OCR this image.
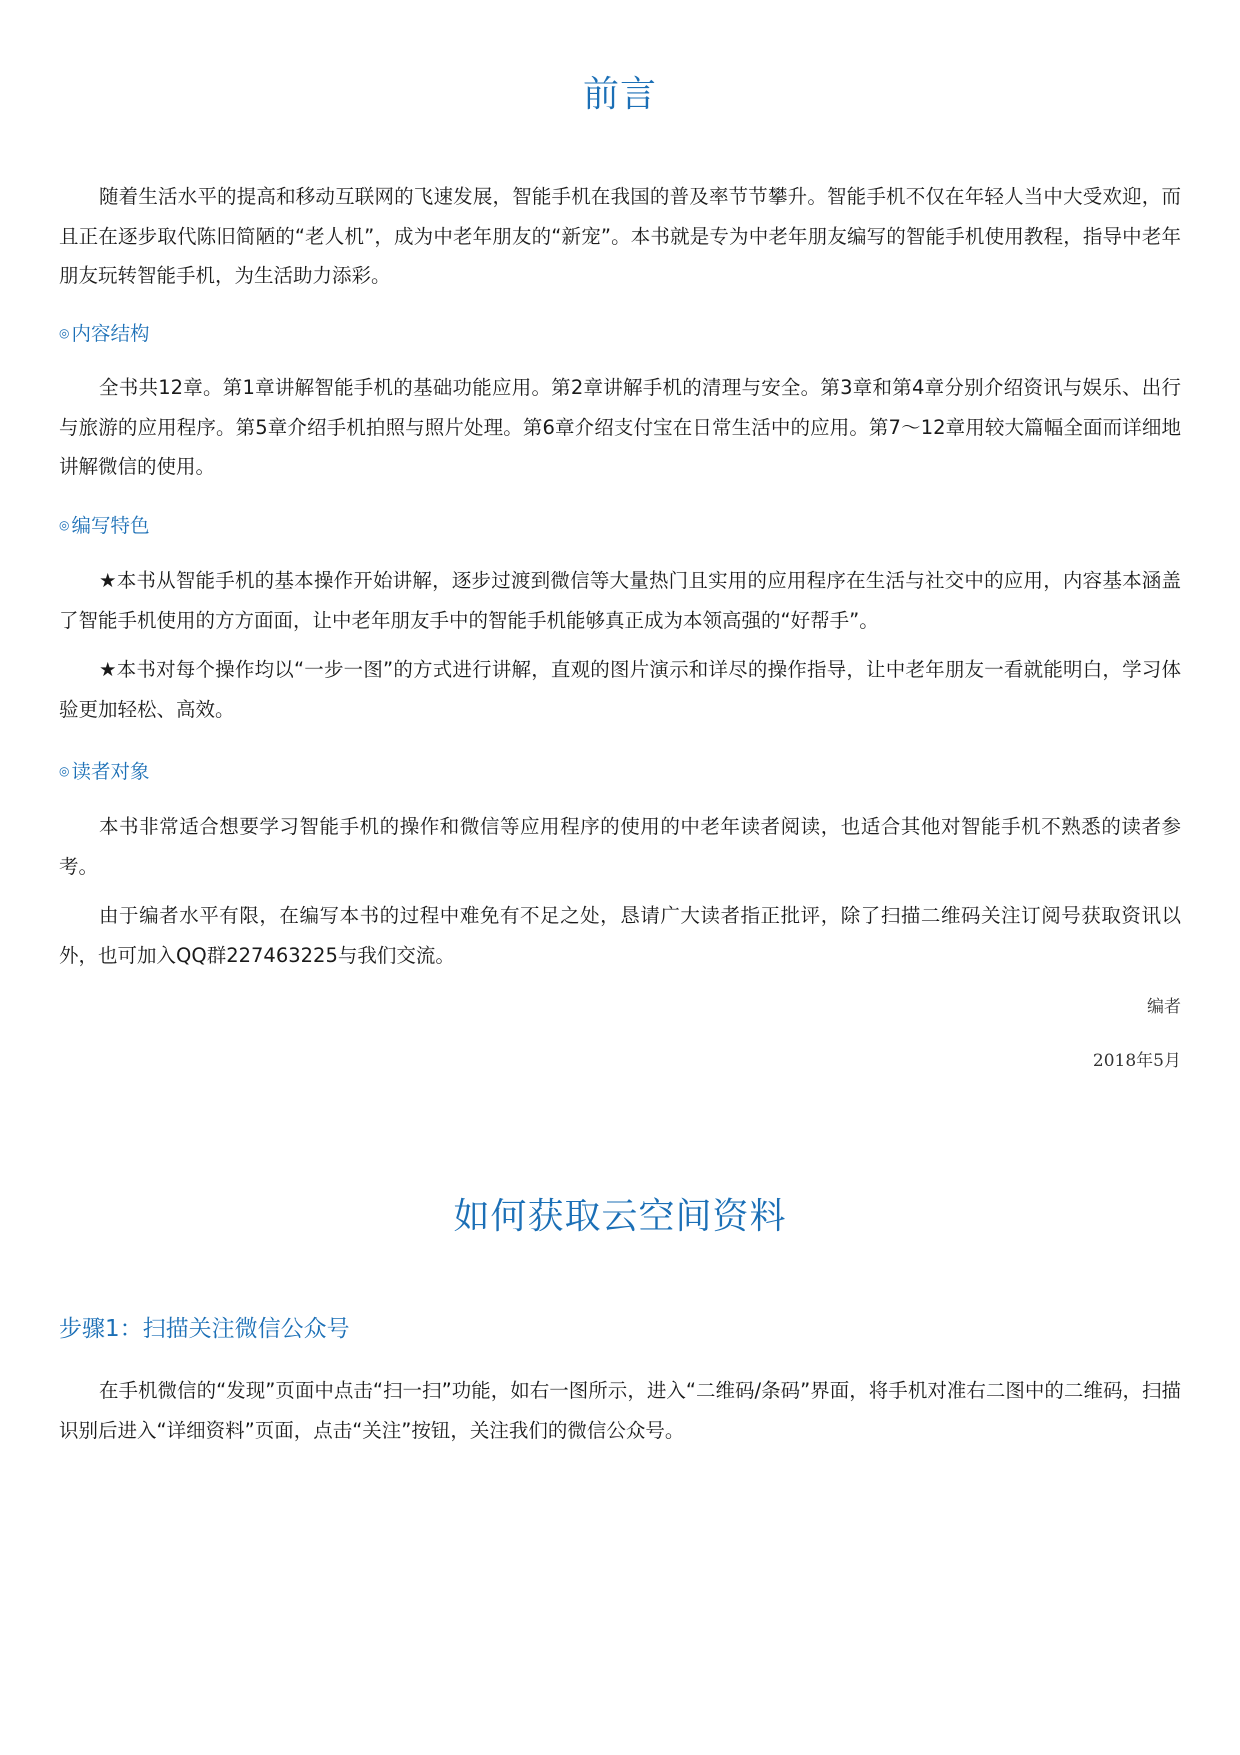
前言

随着生活水平的提高和移动互联网的飞速发展，智能手机在我国的普及率节节攀升。智能手机不仅在年轻人当中大受欢迎，而且正在逐步取代陈旧简陋的“老人机”，成为中老年朋友的“新宠”。本书就是专为中老年朋友编写的智能手机使用教程，指导中老年朋友玩转智能手机，为生活助力添彩。

◎ 内容结构

全书共12章。第1章讲解智能手机的基础功能应用。第2章讲解手机的清理与安全。第3章和第4章分别介绍资讯与娱乐、出行与旅游的应用程序。第5章介绍手机拍照与照片处理。第6章介绍支付宝在日常生活中的应用。第7～12章用较大篇幅全面而详细地讲解微信的使用。

◎ 编写特色

★本书从智能手机的基本操作开始讲解，逐步过渡到微信等大量热门且实用的应用程序在生活与社交中的应用，内容基本涵盖了智能手机使用的方方面面，让中老年朋友手中的智能手机能够真正成为本领高强的“好帮手”。

★本书对每个操作均以“一步一图”的方式进行讲解，直观的图片演示和详尽的操作指导，让中老年朋友一看就能明白，学习体验更加轻松、高效。

◎ 读者对象

本书非常适合想要学习智能手机的操作和微信等应用程序的使用的中老年读者阅读，也适合其他对智能手机不熟悉的读者参考。

由于编者水平有限，在编写本书的过程中难免有不足之处，恳请广大读者指正批评，除了扫描二维码关注订阅号获取资讯以外，也可加入QQ群227463225与我们交流。

编者

2018年5月

如何获取云空间资料
步骤1：扫描关注微信公众号

在手机微信的“发现”页面中点击“扫一扫”功能，如右一图所示，进入“二维码/条码”界面，将手机对准右二图中的二维码，扫描识别后进入“详细资料”页面，点击“关注”按钮，关注我们的微信公众号。
